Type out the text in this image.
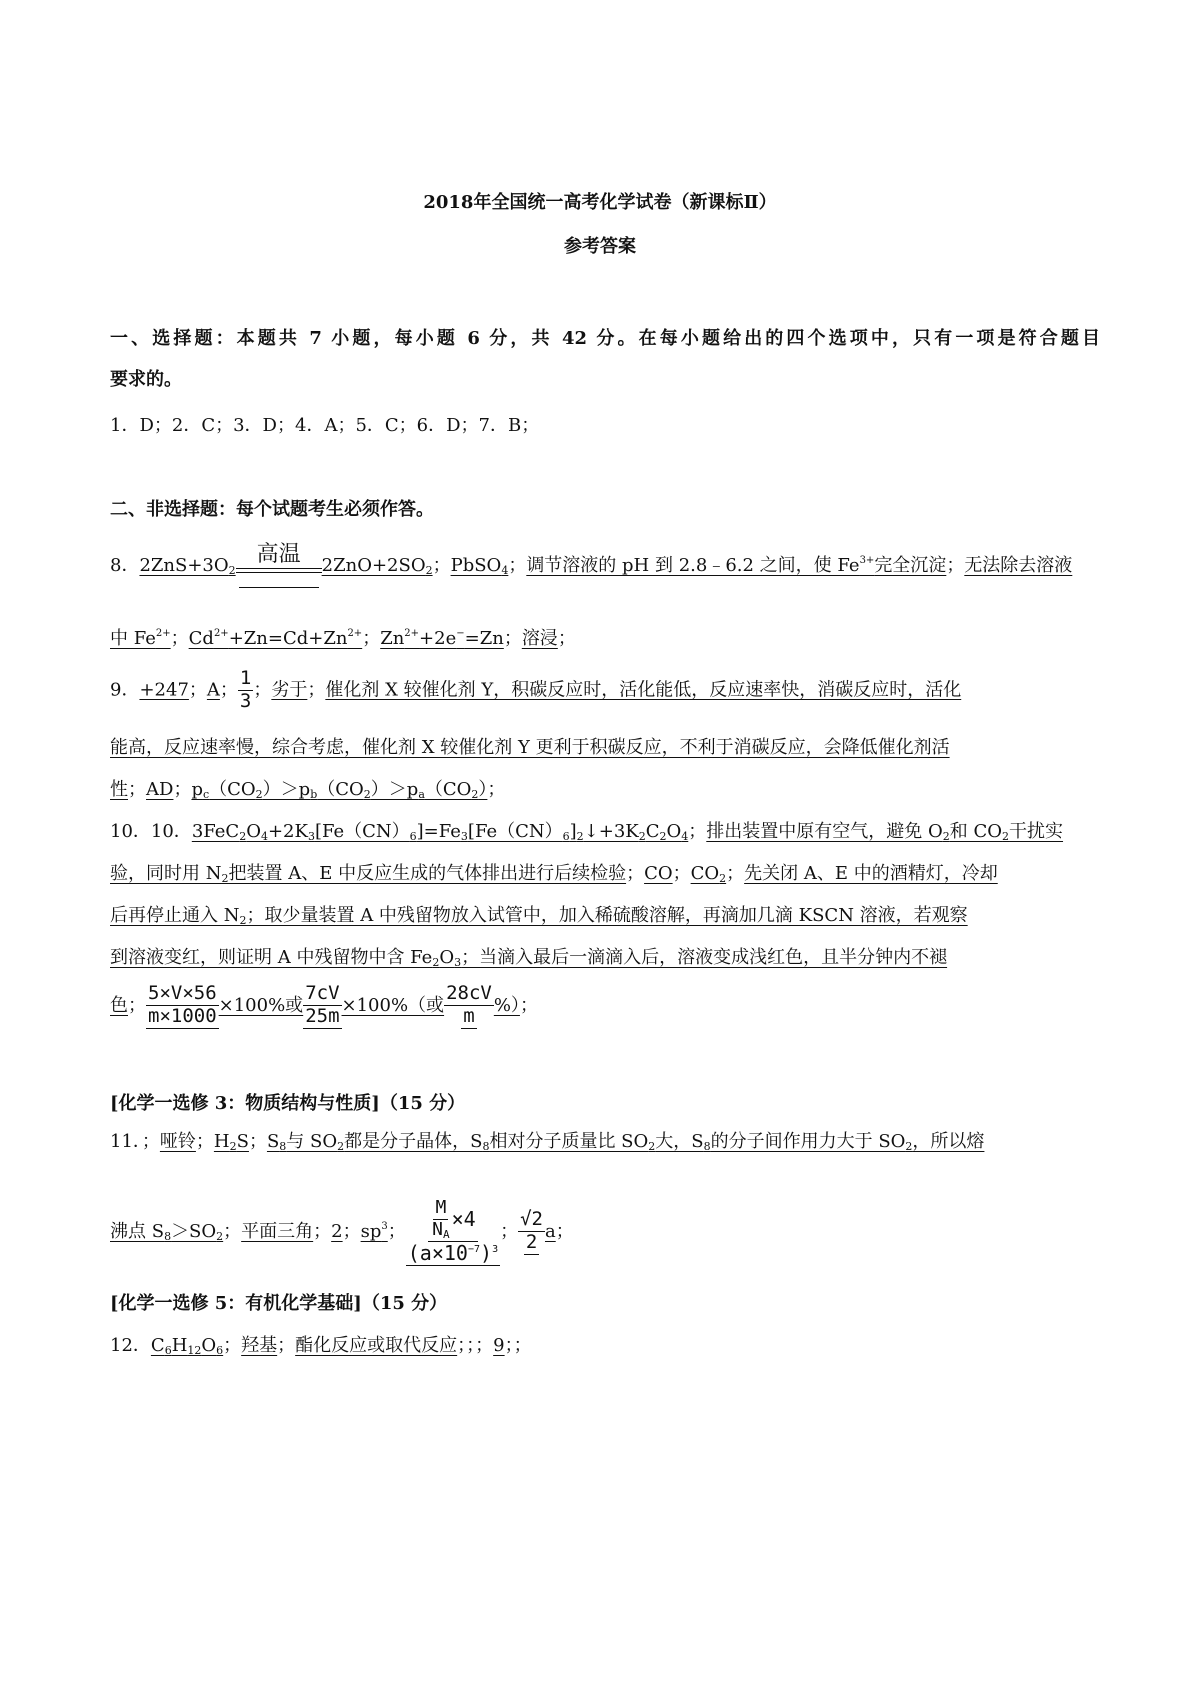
2018年全国统一高考化学试卷（新课标Ⅱ）
参考答案
一、选择题：本题共 7 小题，每小题 6 分，共 42 分。在每小题给出的四个选项中，只有一项是符合题目
要求的。
1．D；2．C；3．D；4．A；5．C；6．D；7．B；
二、非选择题：每个试题考生必须作答。
8．$2ZnS+3O_2$
高温 $2ZnO+2SO_2$；PbSO$_4$；调节溶液的 pH 到 2.8﹣6.2 之间，使 $Fe^{3+}$完全沉淀；无法除去溶液
中 $Fe^{2+}$；$Cd^{2+}+Zn=Cd+Zn^{2+}$；$Zn^{2+}+2e^-=Zn$；溶浸；
9．+247；A； $\frac{1}{3}$ ；劣于；催化剂 X 较催化剂 Y，积碳反应时，活化能低，反应速率快，消碳反应时，活化
能高，反应速率慢，综合考虑，催化剂 X 较催化剂 Y 更利于积碳反应，不利于消碳反应，会降低催化剂活
性；AD；$p_c(CO_2)>p_b(CO_2)>p_a(CO_2)$；
10．10．$3FeC_2O_4+2K_3[Fe(CN)_6]=Fe_3[Fe(CN)_6]_2↓+3K_2C_2O_4$；排出装置中原有空气，避免 $O_2$和 $CO_2$干扰实
验，同时用 $N_2$把装置 A、E 中反应生成的气体排出进行后续检验；CO；$CO_2$；先关闭 A、E 中的酒精灯，冷却
后再停止通入 $N_2$；取少量装置 A 中残留物放入试管中，加入稀硫酸溶解，再滴加几滴 KSCN 溶液，若观察
到溶液变红，则证明 A 中残留物中含 $Fe_2O_3$；当滴入最后一滴滴入后，溶液变成浅红色，且半分钟内不褪
色； $\frac{5\times V\times 56}{m\times 1000} \times 100\%$或 $\frac{7cV}{25m} \times 100\%$（或 $\frac{28cV}{m}$ %）；
[化学一选修 3：物质结构与性质]（15 分）
11．；哑铃；$H_2S$；$S_8$与 $SO_2$都是分子晶体，$S_8$相对分子质量比 $SO_2$大，$S_8$的分子间作用力大于 $SO_2$，所以熔
沸点 $S_8>SO_2$；平面三角；2；$sp^3$； $\frac{\frac{M}{N_A} \times 4}{(a\times 10^{-7})^3}$ ； $\frac{√2}{2}$ a；
[化学一选修 5：有机化学基础]（15 分）
12．$C_6H_{12}O_6$；羟基；酯化反应或取代反应；；；9；；
